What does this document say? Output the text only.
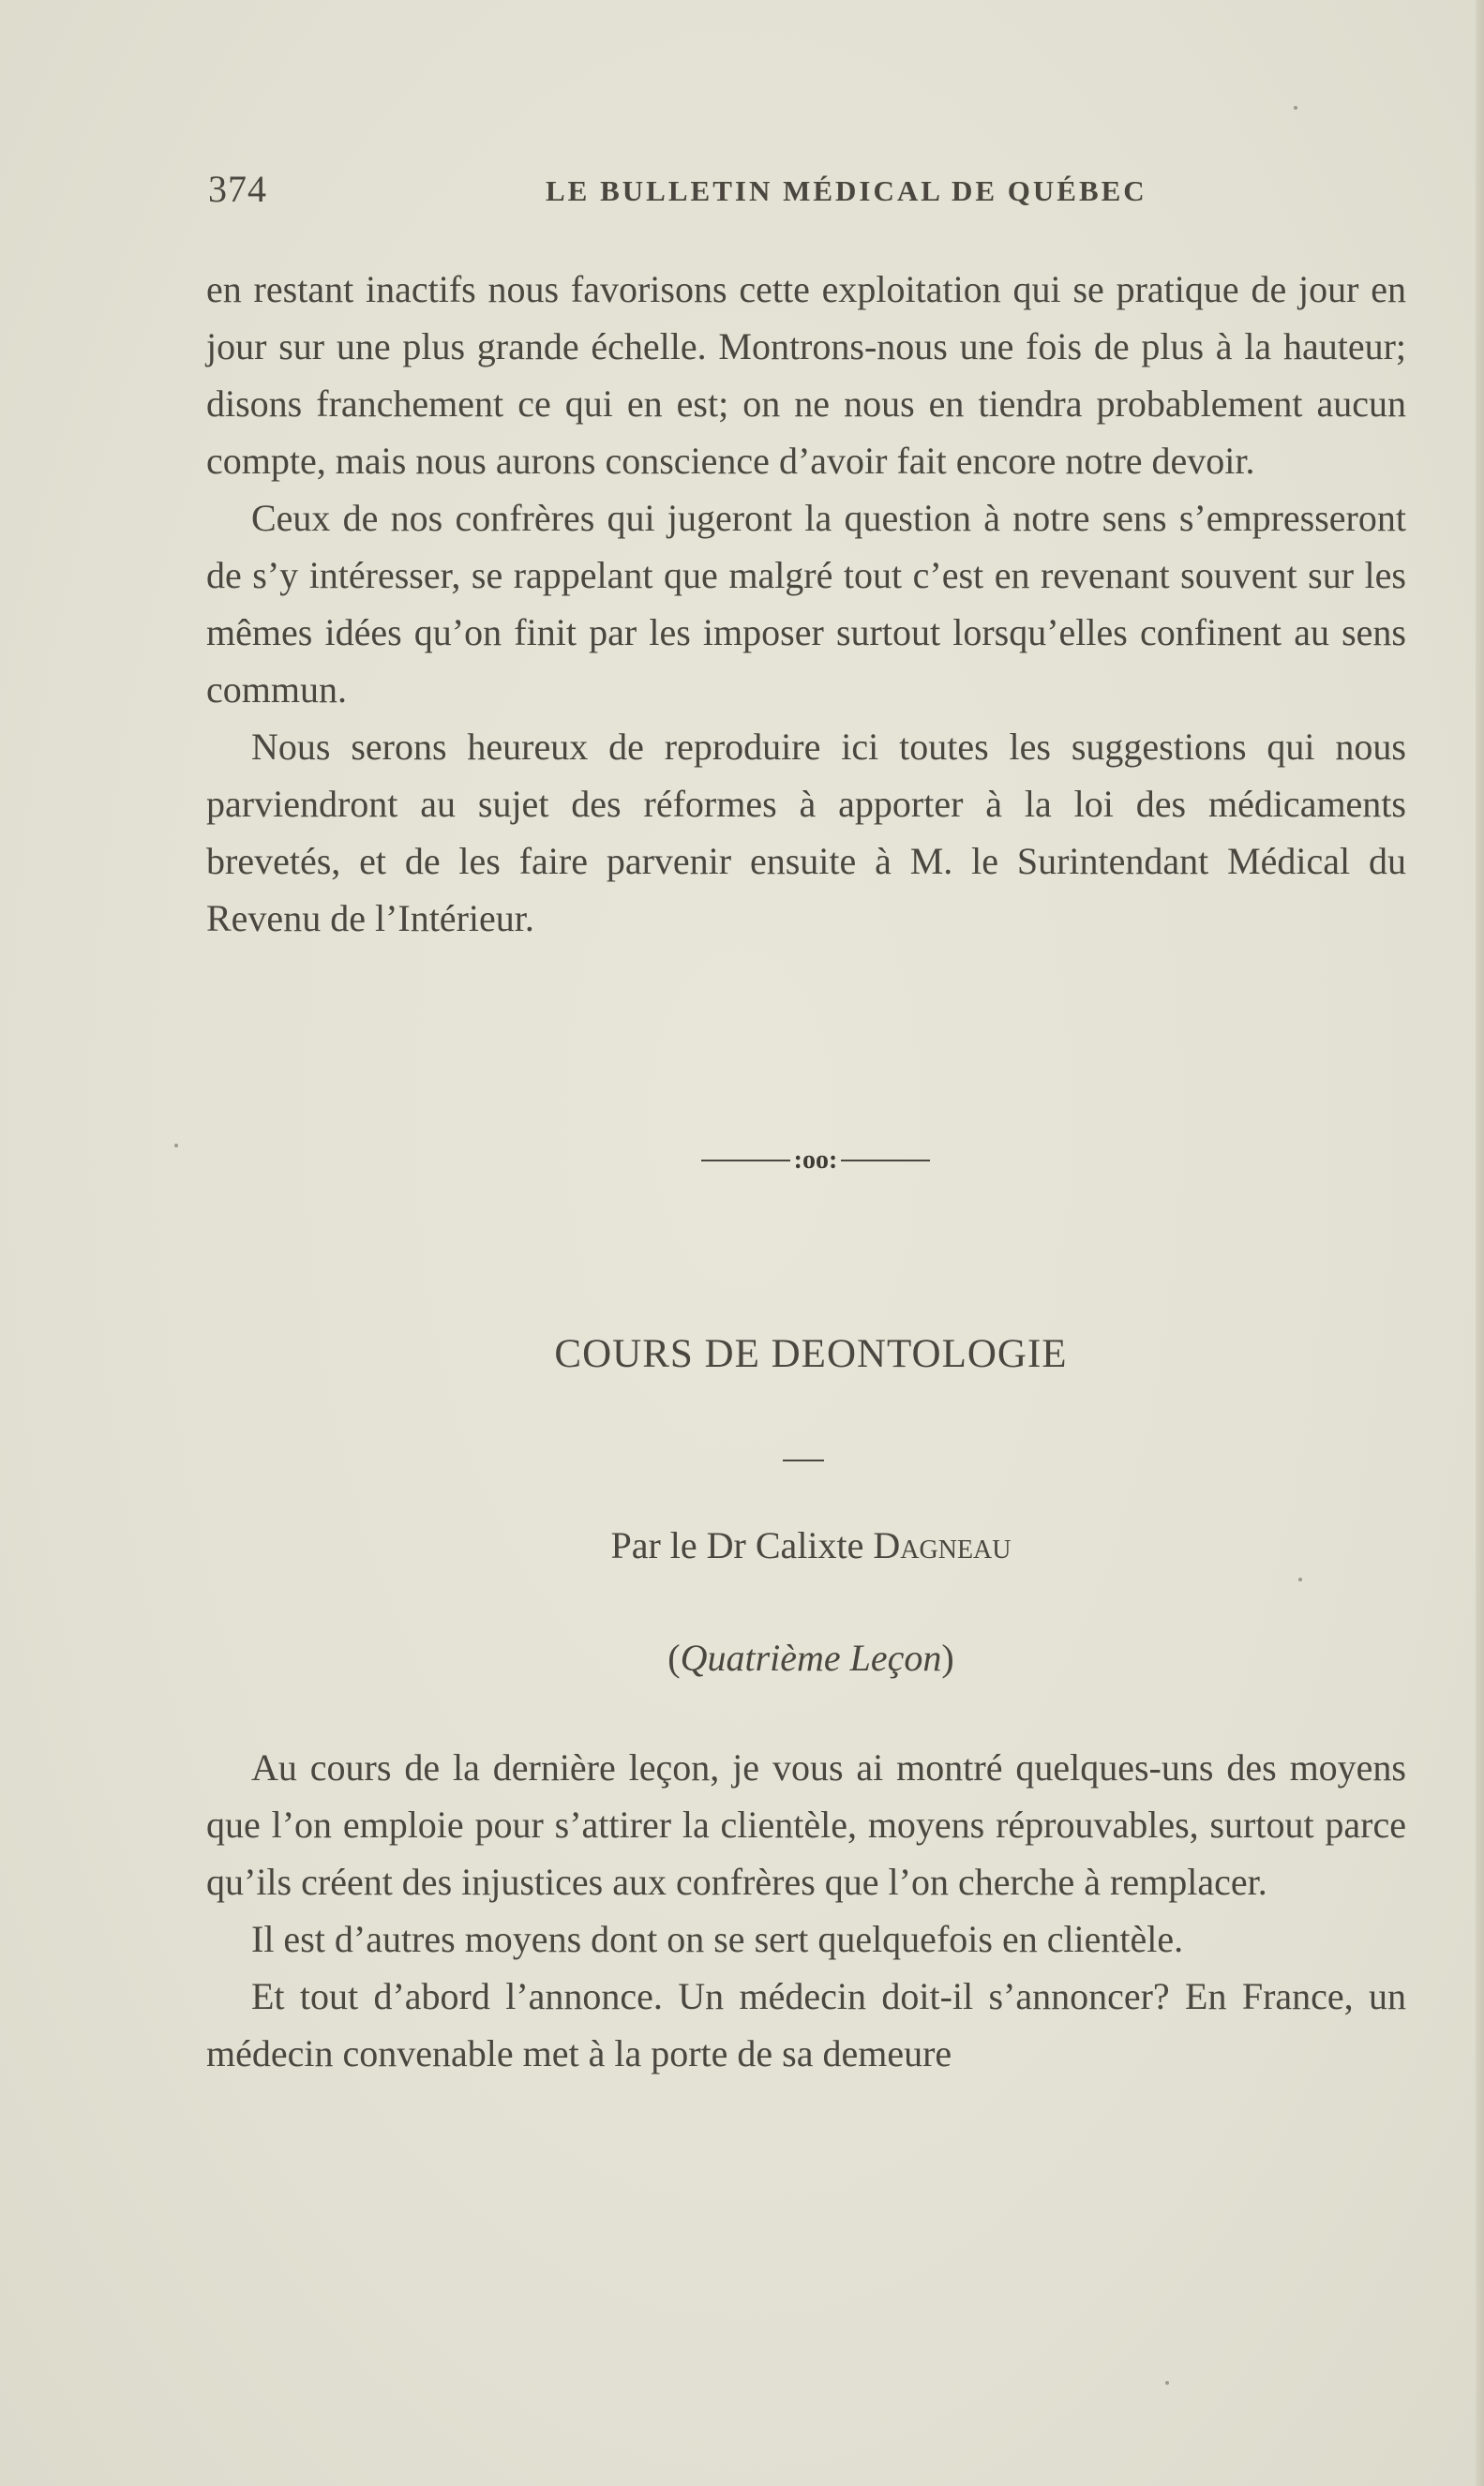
374	LE BULLETIN MÉDICAL DE QUÉBEC

en restant inactifs nous favorisons cette exploitation qui se pratique de jour en jour sur une plus grande échelle. Montrons-nous une fois de plus à la hauteur; disons franchement ce qui en est; on ne nous en tiendra probablement aucun compte, mais nous aurons conscience d’avoir fait encore notre devoir.

Ceux de nos confrères qui jugeront la question à notre sens s’empresseront de s’y intéresser, se rappelant que malgré tout c’est en revenant souvent sur les mêmes idées qu’on finit par les imposer surtout lorsqu’elles confinent au sens commun.

Nous serons heureux de reproduire ici toutes les suggestions qui nous parviendront au sujet des réformes à apporter à la loi des médicaments brevetés, et de les faire parvenir ensuite à M. le Surintendant Médical du Revenu de l’Intérieur.

:oo:
COURS DE DEONTOLOGIE
Par le Dr Calixte Dagneau
(Quatrième Leçon)

Au cours de la dernière leçon, je vous ai montré quelques-uns des moyens que l’on emploie pour s’attirer la clientèle, moyens réprouvables, surtout parce qu’ils créent des injustices aux confrères que l’on cherche à remplacer.

Il est d’autres moyens dont on se sert quelquefois en clientèle.

Et tout d’abord l’annonce. Un médecin doit-il s’annoncer? En France, un médecin convenable met à la porte de sa demeure
